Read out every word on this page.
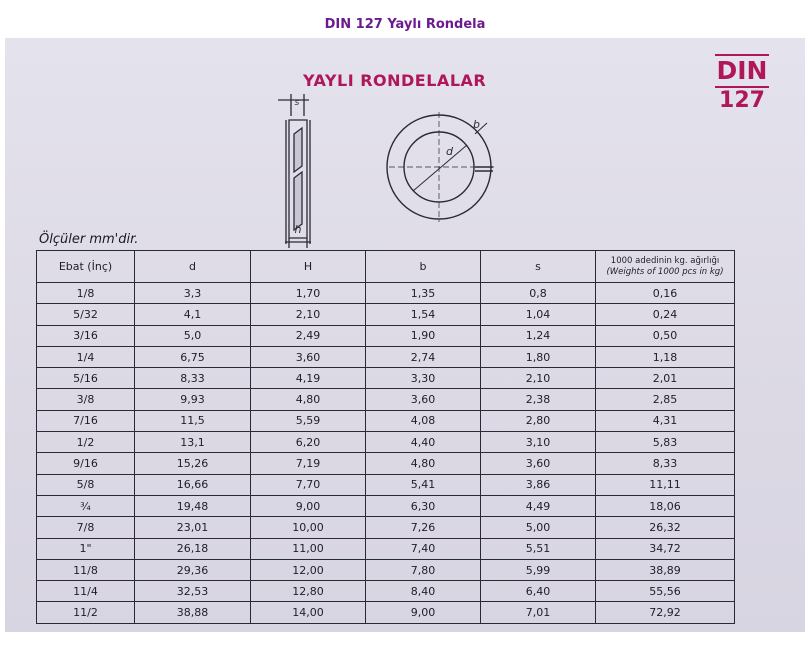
DIN 127 Yaylı Rondela
YAYLI RONDELALAR	DIN
127
s
h
d
b
Ölçüler mm'dir.
Ebat (İnç)	d	H	b	s	1000 adedinin kg. ağırlığı
(Weights of 1000 pcs in kg)

1/8	3,3	1,70	1,35	0,8	0,16
5/32	4,1	2,10	1,54	1,04	0,24
3/16	5,0	2,49	1,90	1,24	0,50
1/4	6,75	3,60	2,74	1,80	1,18
5/16	8,33	4,19	3,30	2,10	2,01
3/8	9,93	4,80	3,60	2,38	2,85
7/16	11,5	5,59	4,08	2,80	4,31
1/2	13,1	6,20	4,40	3,10	5,83
9/16	15,26	7,19	4,80	3,60	8,33
5/8	16,66	7,70	5,41	3,86	11,11
¾	19,48	9,00	6,30	4,49	18,06
7/8	23,01	10,00	7,26	5,00	26,32
1"	26,18	11,00	7,40	5,51	34,72
11/8	29,36	12,00	7,80	5,99	38,89
11/4	32,53	12,80	8,40	6,40	55,56
11/2	38,88	14,00	9,00	7,01	72,92
